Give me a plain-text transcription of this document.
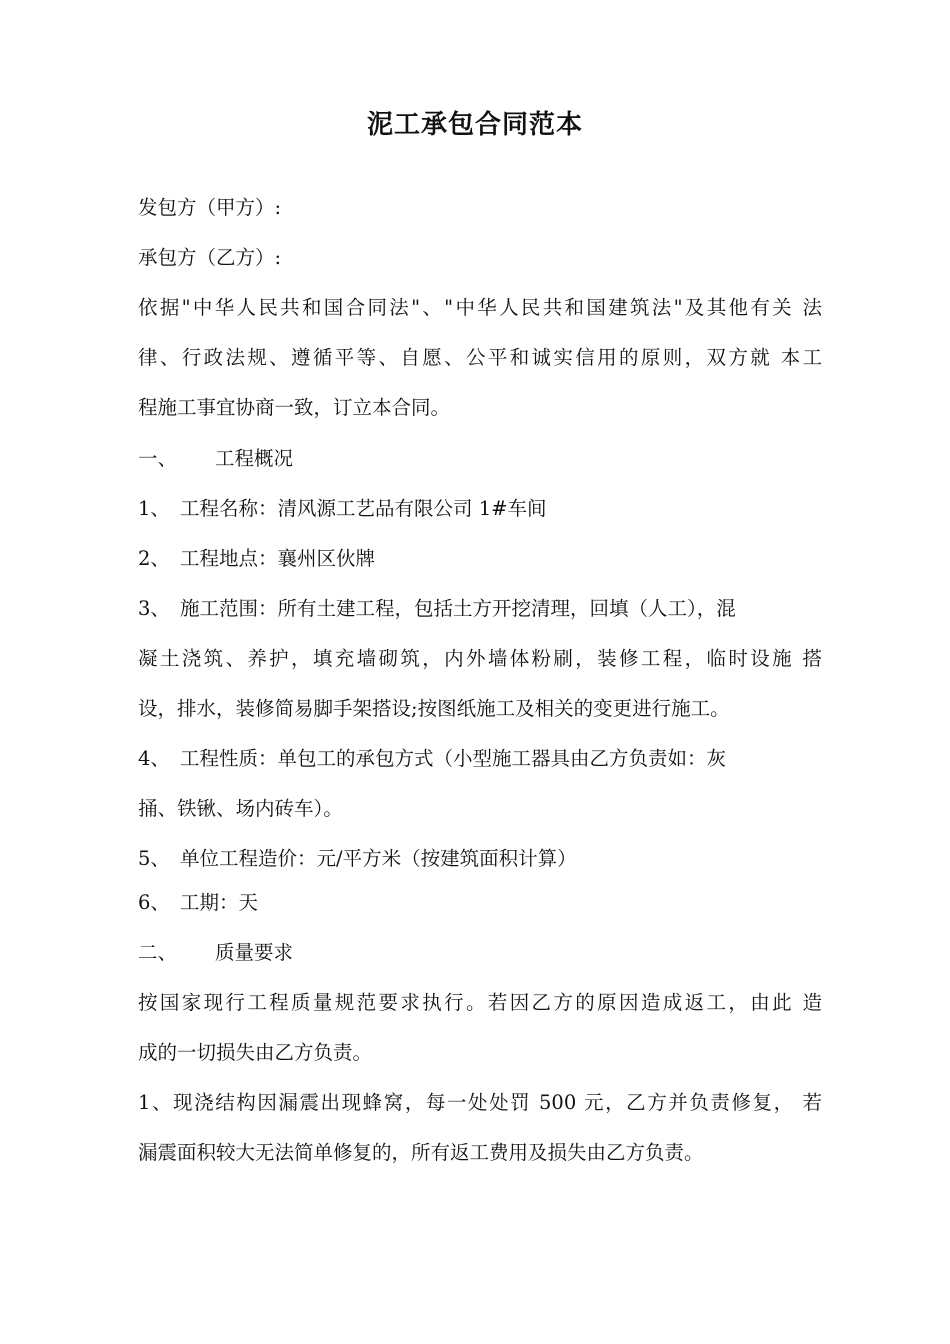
泥工承包合同范本
发包方（甲方）:
承包方（乙方）:
依据"中华人民共和国合同法"、"中华人民共和国建筑法"及其他有关 法
律、行政法规、遵循平等、自愿、公平和诚实信用的原则，双方就 本工
程施工事宜协商一致，订立本合同。
一、 工程概况
1、 工程名称：清风源工艺品有限公司 1#车间
2、 工程地点：襄州区伙牌
3、 施工范围：所有土建工程，包括土方开挖清理，回填（人工），混
凝土浇筑、养护，填充墙砌筑，内外墙体粉刷，装修工程，临时设施 搭
设，排水，装修简易脚手架搭设;按图纸施工及相关的变更进行施工。
4、 工程性质：单包工的承包方式（小型施工器具由乙方负责如：灰
捅、铁锹、场内砖车）。
5、 单位工程造价：元/平方米（按建筑面积计算）
6、 工期：天
二、 质量要求
按国家现行工程质量规范要求执行。若因乙方的原因造成返工，由此 造
成的一切损失由乙方负责。
1、现浇结构因漏震出现蜂窝，每一处处罚 500 元，乙方并负责修复， 若
漏震面积较大无法简单修复的，所有返工费用及损失由乙方负责。
